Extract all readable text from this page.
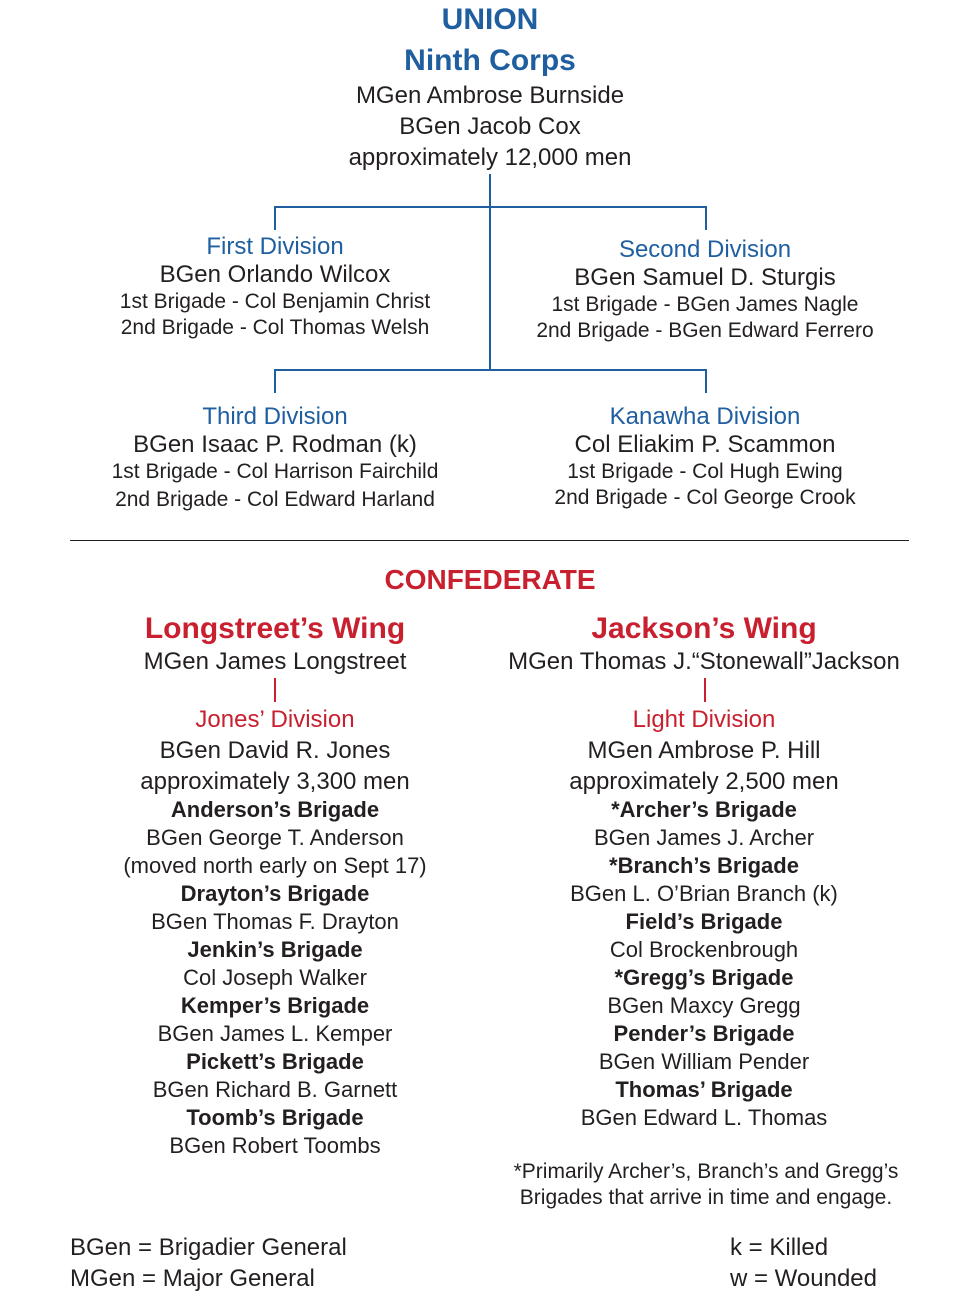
UNION
Ninth Corps
MGen Ambrose Burnside
BGen Jacob Cox
approximately 12,000 men
First Division
BGen Orlando Wilcox
1st Brigade - Col Benjamin Christ
2nd Brigade - Col Thomas Welsh
Second Division
BGen Samuel D. Sturgis
1st Brigade - BGen James Nagle
2nd Brigade - BGen Edward Ferrero
Third Division
BGen Isaac P. Rodman (k)
1st Brigade - Col Harrison Fairchild
2nd Brigade - Col Edward Harland
Kanawha Division
Col Eliakim P. Scammon
1st Brigade - Col Hugh Ewing
2nd Brigade - Col George Crook
CONFEDERATE
Longstreet’s Wing
MGen James Longstreet
Jones’ Division
BGen David R. Jones
approximately 3,300 men
Anderson’s Brigade
BGen George T. Anderson
(moved north early on Sept 17)
Drayton’s Brigade
BGen Thomas F. Drayton
Jenkin’s Brigade
Col Joseph Walker
Kemper’s Brigade
BGen James L. Kemper
Pickett’s Brigade
BGen Richard B. Garnett
Toomb’s Brigade
BGen Robert Toombs
Jackson’s Wing
MGen Thomas J.“Stonewall”Jackson
Light Division
MGen Ambrose P. Hill
approximately 2,500 men
*Archer’s Brigade
BGen James J. Archer
*Branch’s Brigade
BGen L. O’Brian Branch (k)
Field’s Brigade
Col Brockenbrough
*Gregg’s Brigade
BGen Maxcy Gregg
Pender’s Brigade
BGen William Pender
Thomas’ Brigade
BGen Edward L. Thomas
*Primarily Archer’s, Branch’s and Gregg’s
Brigades that arrive in time and engage.
BGen = Brigadier General
MGen = Major General
k = Killed
w = Wounded
